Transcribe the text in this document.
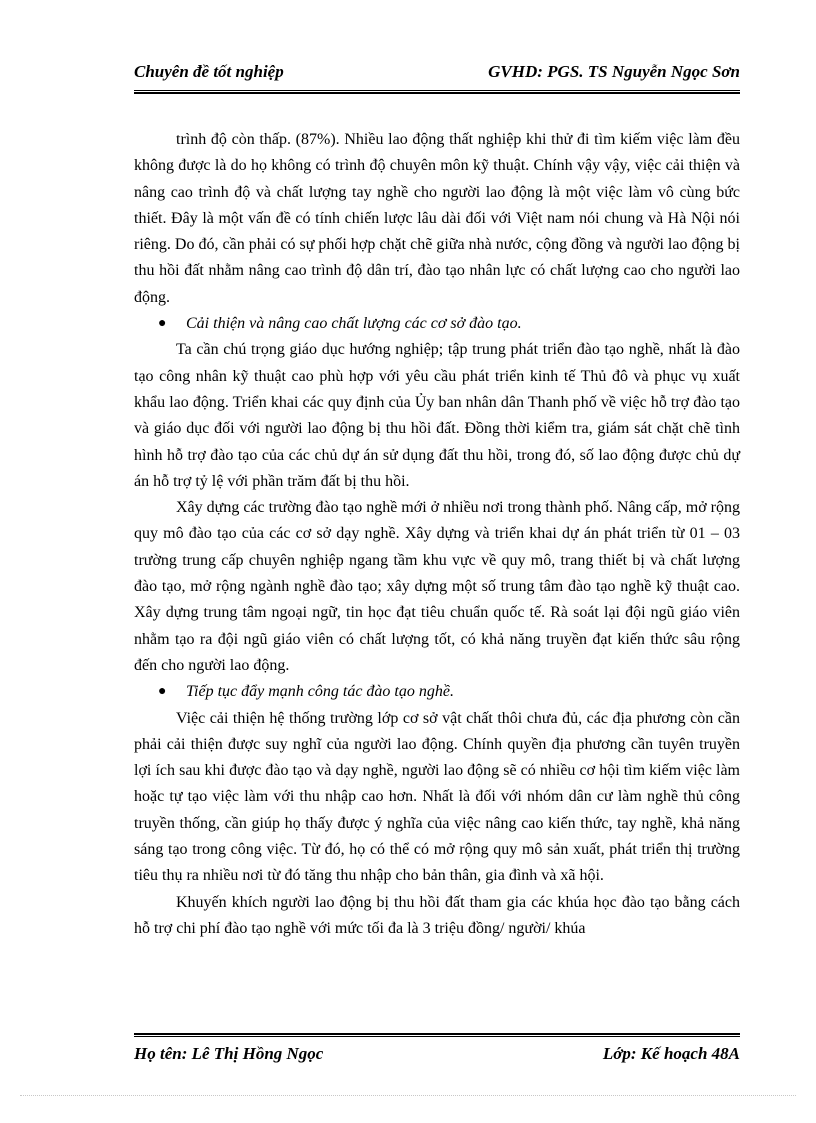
Chuyên đề tốt nghiệp	GVHD: PGS. TS Nguyễn Ngọc Sơn

trình độ còn thấp. (87%). Nhiều lao động thất nghiệp khi thử đi tìm kiếm việc làm đều không được là do họ không có trình độ chuyên môn kỹ thuật. Chính vậy vậy, việc cải thiện và nâng cao trình độ và chất lượng tay nghề cho người lao động là một việc làm vô cùng bức thiết. Đây là một vấn đề có tính chiến lược lâu dài đối với Việt nam nói chung và Hà Nội nói riêng. Do đó, cần phải có sự phối hợp chặt chẽ giữa nhà nước, cộng đồng và người lao động bị thu hồi đất nhằm nâng cao trình độ dân trí, đào tạo nhân lực có chất lượng cao cho người lao động.

● Cải thiện và nâng cao chất lượng các cơ sở đào tạo.

Ta cần chú trọng giáo dục hướng nghiệp; tập trung phát triển đào tạo nghề, nhất là đào tạo công nhân kỹ thuật cao phù hợp với yêu cầu phát triển kinh tế Thủ đô và phục vụ xuất khẩu lao động. Triển khai các quy định của Ủy ban nhân dân Thanh phố về việc hỗ trợ đào tạo và giáo dục đối với người lao động bị thu hồi đất. Đồng thời kiểm tra, giám sát chặt chẽ tình hình hỗ trợ đào tạo của các chủ dự án sử dụng đất thu hồi, trong đó, số lao động được chủ dự án hỗ trợ tỷ lệ với phần trăm đất bị thu hồi.

Xây dựng các trường đào tạo nghề mới ở nhiều nơi trong thành phố. Nâng cấp, mở rộng quy mô đào tạo của các cơ sở dạy nghề. Xây dựng và triển khai dự án phát triển từ 01 – 03 trường trung cấp chuyên nghiệp ngang tầm khu vực về quy mô, trang thiết bị và chất lượng đào tạo, mở rộng ngành nghề đào tạo; xây dựng một số trung tâm đào tạo nghề kỹ thuật cao. Xây dựng trung tâm ngoại ngữ, tin học đạt tiêu chuẩn quốc tế. Rà soát lại đội ngũ giáo viên nhằm tạo ra đội ngũ giáo viên có chất lượng tốt, có khả năng truyền đạt kiến thức sâu rộng đến cho người lao động.

● Tiếp tục đẩy mạnh công tác đào tạo nghề.

Việc cải thiện hệ thống trường lớp cơ sở vật chất thôi chưa đủ, các địa phương còn cần phải cải thiện được suy nghĩ của người lao động. Chính quyền địa phương cần tuyên truyền lợi ích sau khi được đào tạo và dạy nghề, người lao động sẽ có nhiều cơ hội tìm kiếm việc làm hoặc tự tạo việc làm với thu nhập cao hơn. Nhất là đối với nhóm dân cư làm nghề thủ công truyền thống, cần giúp họ thấy được ý nghĩa của việc nâng cao kiến thức, tay nghề, khả năng sáng tạo trong công việc. Từ đó, họ có thể có mở rộng quy mô sản xuất, phát triển thị trường tiêu thụ ra nhiều nơi từ đó tăng thu nhập cho bản thân, gia đình và xã hội.

Khuyến khích người lao động bị thu hồi đất tham gia các khúa học đào tạo bằng cách hỗ trợ chi phí đào tạo nghề với mức tối đa là 3 triệu đồng/ người/ khúa

Họ tên: Lê Thị Hồng Ngọc	Lớp: Kế hoạch 48A
